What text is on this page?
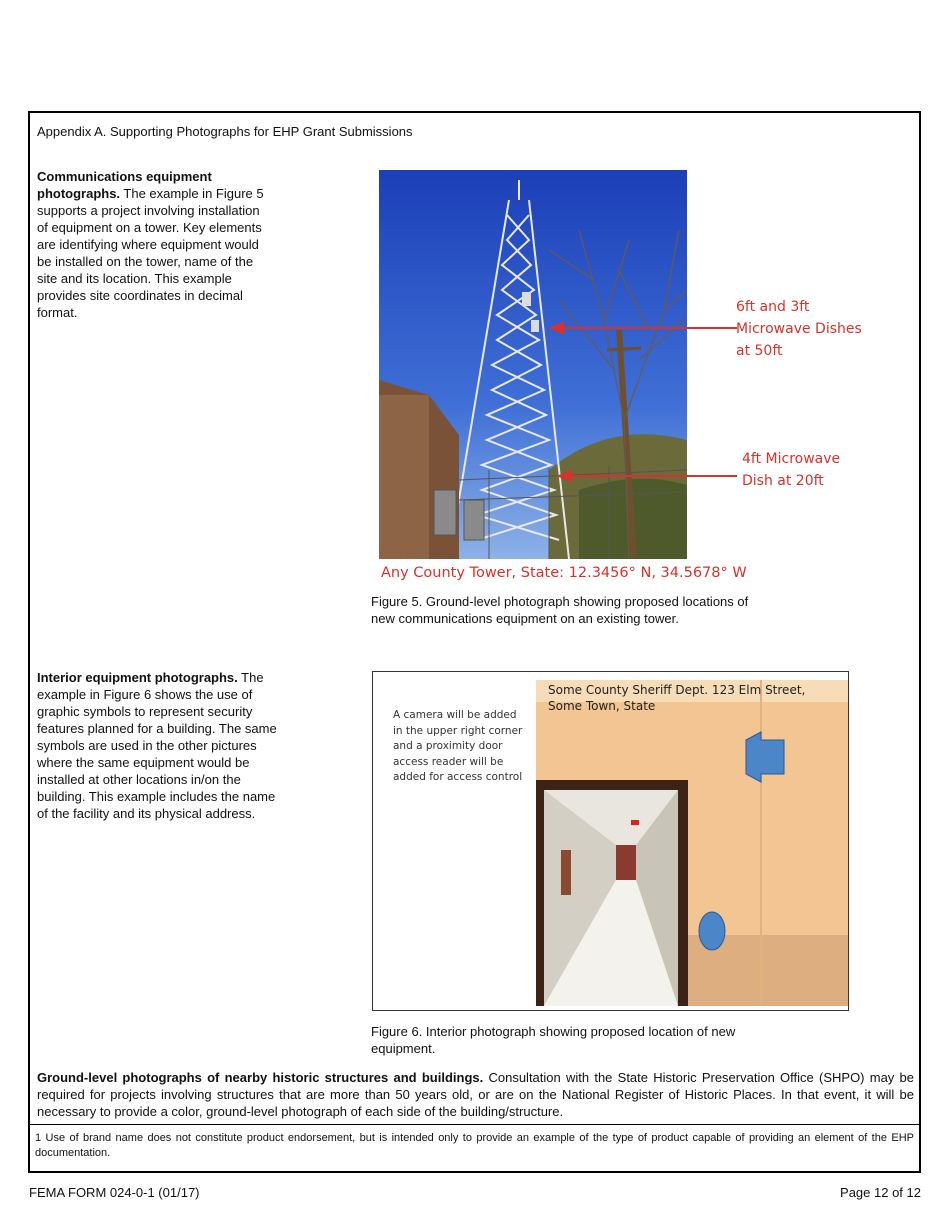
Appendix A. Supporting Photographs for EHP Grant Submissions
Communications equipment photographs. The example in Figure 5 supports a project involving installation of equipment on a tower. Key elements are identifying where equipment would be installed on the tower, name of the site and its location. This example provides site coordinates in decimal format.	6ft and 3ft Microwave Dishes at 50ft
4ft Microwave Dish at 20ft
Any County Tower, State: 12.3456° N, 34.5678° W
Figure 5. Ground-level photograph showing proposed locations of new communications equipment on an existing tower.
Interior equipment photographs. The example in Figure 6 shows the use of graphic symbols to represent security features planned for a building. The same symbols are used in the other pictures where the same equipment would be installed at other locations in/on the building. This example includes the name of the facility and its physical address.
A camera will be added in the upper right corner and a proximity door access reader will be added for access control
Some County Sheriff Dept. 123 Elm Street, Some Town, State
Figure 6. Interior photograph showing proposed location of new equipment.
Ground-level photographs of nearby historic structures and buildings. Consultation with the State Historic Preservation Office (SHPO) may be required for projects involving structures that are more than 50 years old, or are on the National Register of Historic Places. In that event, it will be necessary to provide a color, ground-level photograph of each side of the building/structure.
1 Use of brand name does not constitute product endorsement, but is intended only to provide an example of the type of product capable of providing an element of the EHP documentation.
FEMA FORM 024-0-1 (01/17)	Page 12 of 12
